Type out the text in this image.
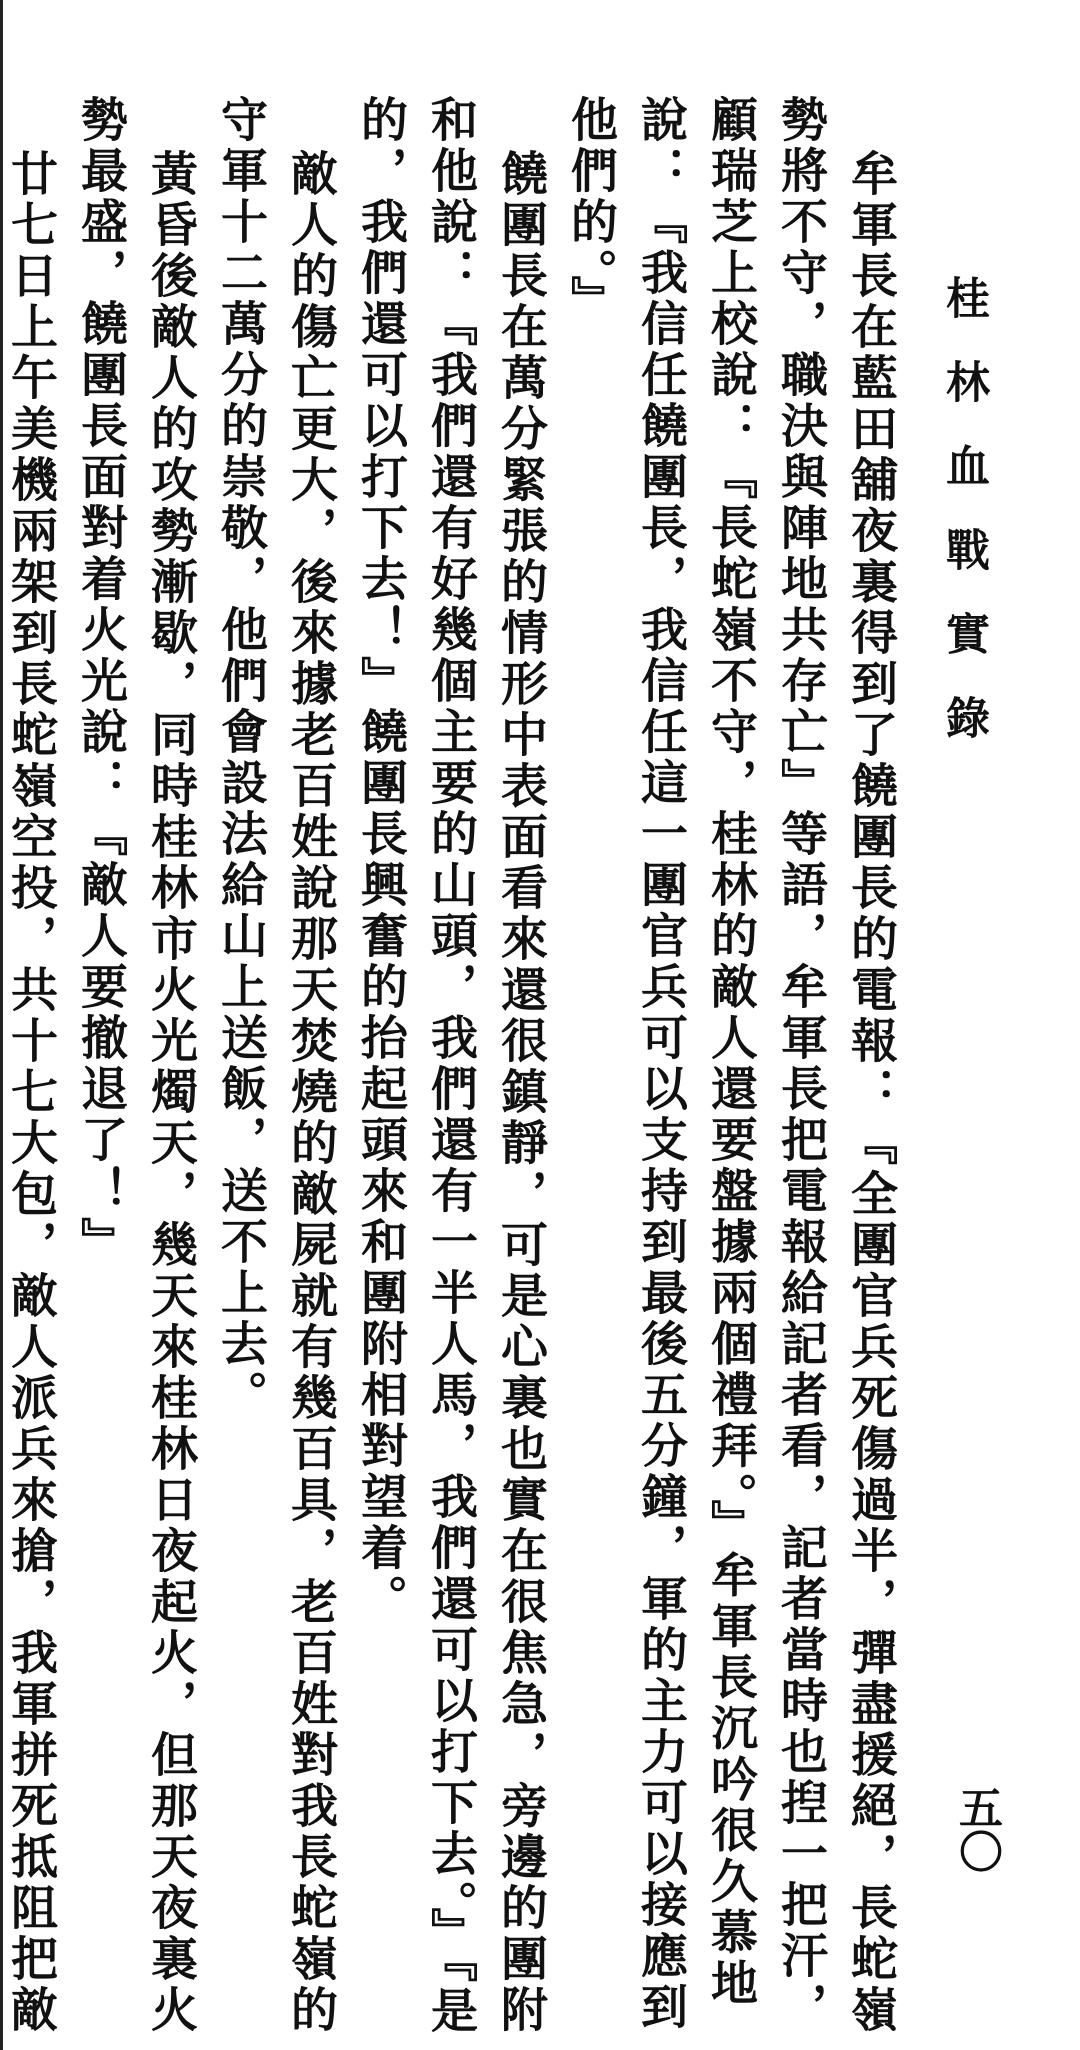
桂林血戰實錄
五〇

牟軍長在藍田舖夜裏得到了饒團長的電報：『全團官兵死傷過半，彈盡援絕，長蛇嶺勢將不守，職決與陣地共存亡』等語，牟軍長把電報給記者看，記者當時也揑一把汗，顧瑞芝上校說：『長蛇嶺不守，桂林的敵人還要盤據兩個禮拜。』牟軍長沉吟很久慕地說：『我信任饒團長，我信任這一團官兵可以支持到最後五分鐘，軍的主力可以接應到他們的。』

饒團長在萬分緊張的情形中表面看來還很鎮靜，可是心裏也實在很焦急，旁邊的團附和他說：『我們還有好幾個主要的山頭，我們還有一半人馬，我們還可以打下去。』『是的，我們還可以打下去！』饒團長興奮的抬起頭來和團附相對望着。

敵人的傷亡更大，後來據老百姓說那天焚燒的敵屍就有幾百具，老百姓對我長蛇嶺的守軍十二萬分的崇敬，他們會設法給山上送飯，送不上去。

黃昏後敵人的攻勢漸歇，同時桂林市火光燭天，幾天來桂林日夜起火，但那天夜裏火勢最盛，饒團長面對着火光說：『敵人要撤退了！』

廿七日上午美機兩架到長蛇嶺空投，共十七大包，敵人派兵來搶，我軍拼死抵阻把敵
